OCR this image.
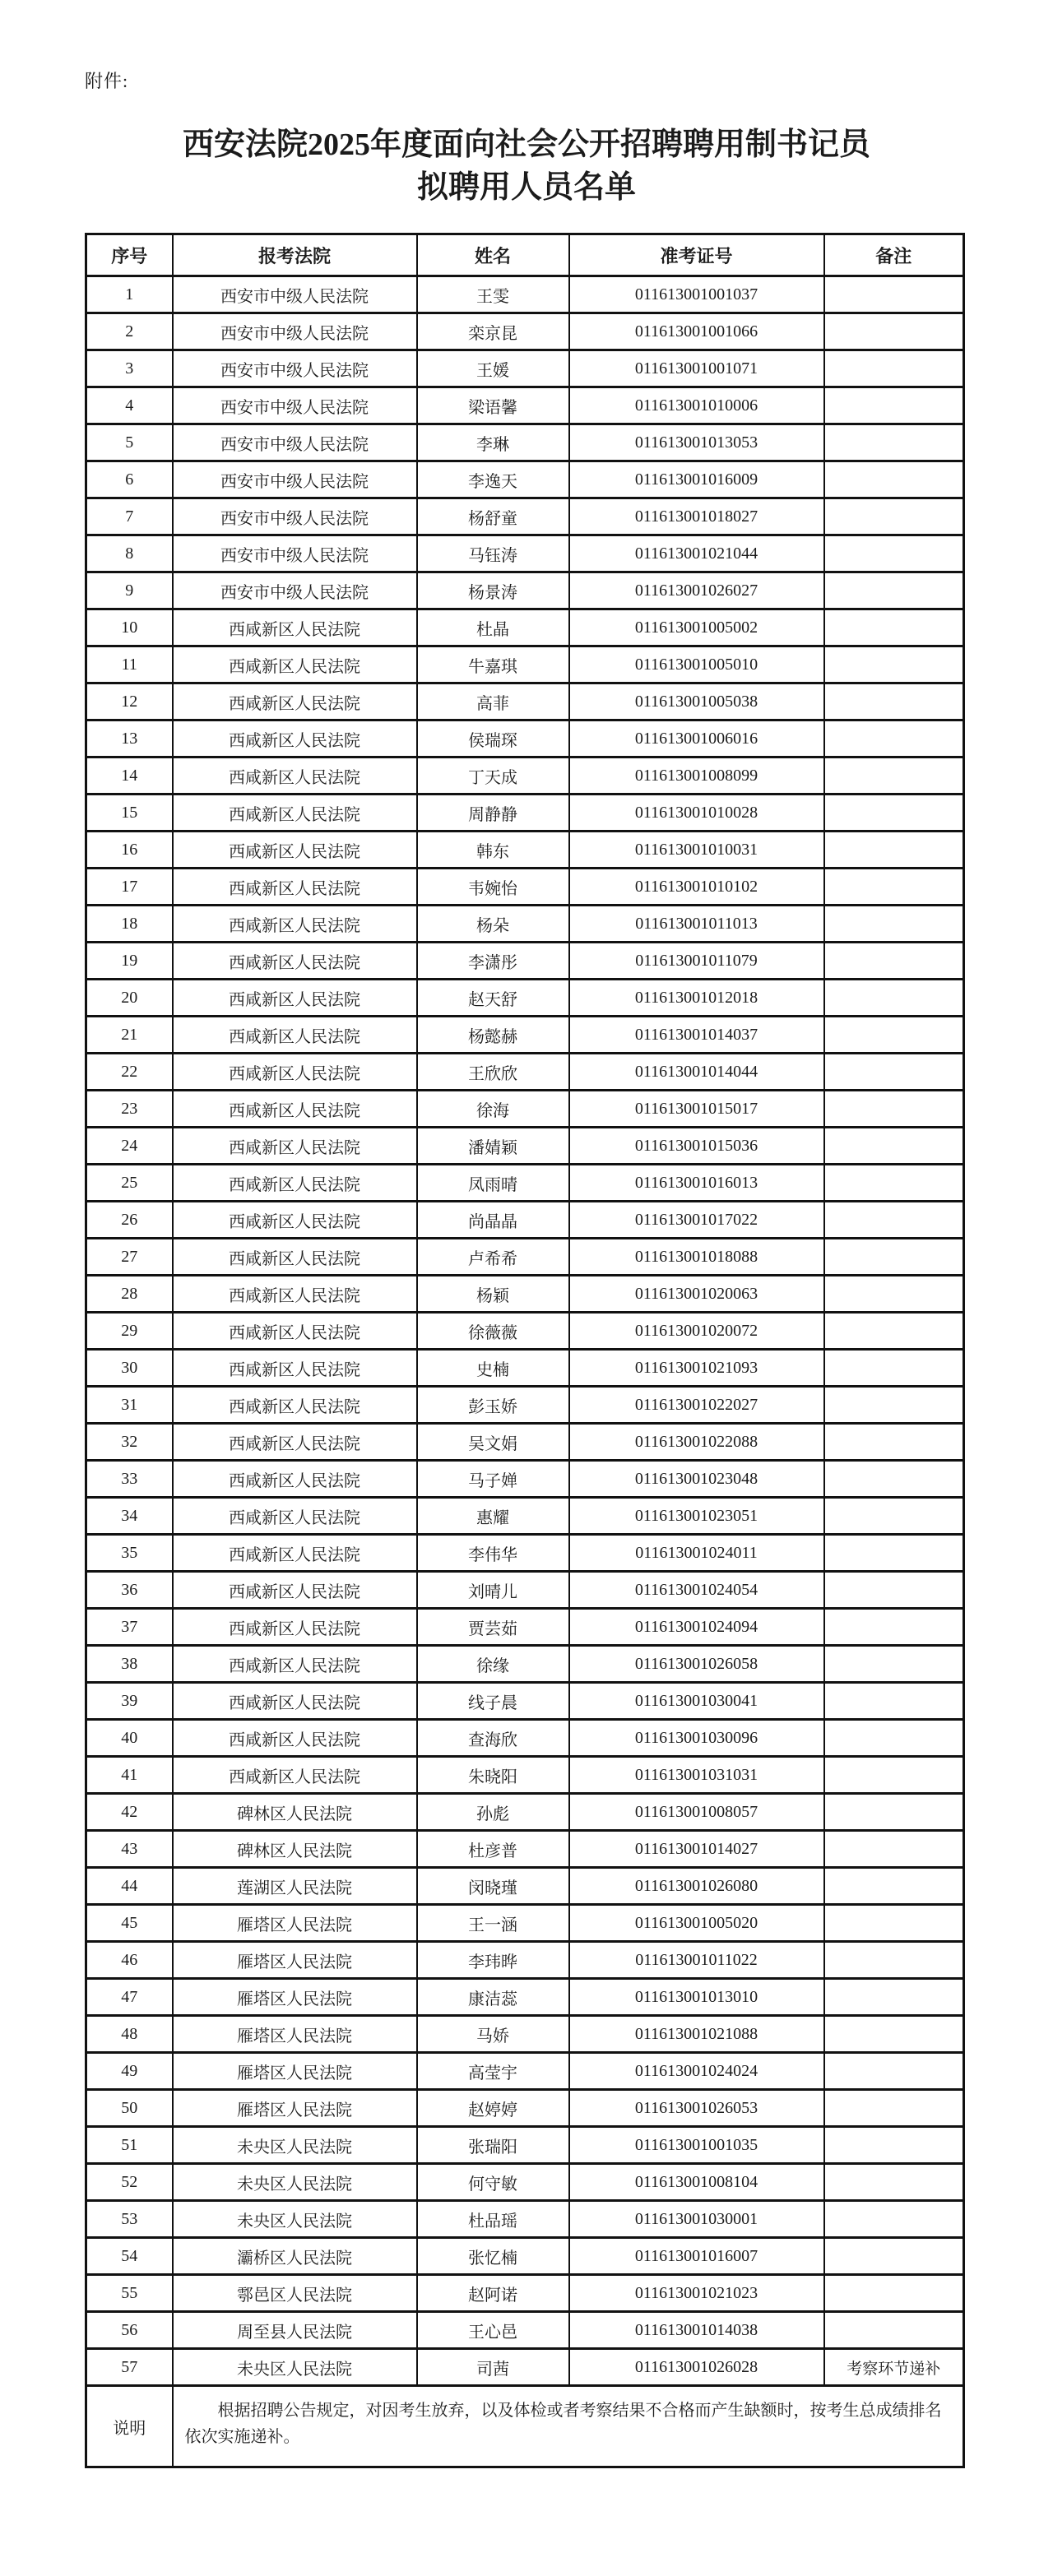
附件:
西安法院2025年度面向社会公开招聘聘用制书记员
拟聘用人员名单
序号	报考法院	姓名	准考证号	备注
1	西安市中级人民法院	王雯	011613001001037	
2	西安市中级人民法院	栾京昆	011613001001066	
3	西安市中级人民法院	王媛	011613001001071	
4	西安市中级人民法院	梁语馨	011613001010006	
5	西安市中级人民法院	李琳	011613001013053	
6	西安市中级人民法院	李逸天	011613001016009	
7	西安市中级人民法院	杨舒童	011613001018027	
8	西安市中级人民法院	马钰涛	011613001021044	
9	西安市中级人民法院	杨景涛	011613001026027	
10	西咸新区人民法院	杜晶	011613001005002	
11	西咸新区人民法院	牛嘉琪	011613001005010	
12	西咸新区人民法院	高菲	011613001005038	
13	西咸新区人民法院	侯瑞琛	011613001006016	
14	西咸新区人民法院	丁天成	011613001008099	
15	西咸新区人民法院	周静静	011613001010028	
16	西咸新区人民法院	韩东	011613001010031	
17	西咸新区人民法院	韦婉怡	011613001010102	
18	西咸新区人民法院	杨朵	011613001011013	
19	西咸新区人民法院	李潇彤	011613001011079	
20	西咸新区人民法院	赵天舒	011613001012018	
21	西咸新区人民法院	杨懿赫	011613001014037	
22	西咸新区人民法院	王欣欣	011613001014044	
23	西咸新区人民法院	徐海	011613001015017	
24	西咸新区人民法院	潘婧颖	011613001015036	
25	西咸新区人民法院	凤雨晴	011613001016013	
26	西咸新区人民法院	尚晶晶	011613001017022	
27	西咸新区人民法院	卢希希	011613001018088	
28	西咸新区人民法院	杨颖	011613001020063	
29	西咸新区人民法院	徐薇薇	011613001020072	
30	西咸新区人民法院	史楠	011613001021093	
31	西咸新区人民法院	彭玉娇	011613001022027	
32	西咸新区人民法院	吴文娟	011613001022088	
33	西咸新区人民法院	马子婵	011613001023048	
34	西咸新区人民法院	惠耀	011613001023051	
35	西咸新区人民法院	李伟华	011613001024011	
36	西咸新区人民法院	刘晴儿	011613001024054	
37	西咸新区人民法院	贾芸茹	011613001024094	
38	西咸新区人民法院	徐缘	011613001026058	
39	西咸新区人民法院	线子晨	011613001030041	
40	西咸新区人民法院	查海欣	011613001030096	
41	西咸新区人民法院	朱晓阳	011613001031031	
42	碑林区人民法院	孙彪	011613001008057	
43	碑林区人民法院	杜彦普	011613001014027	
44	莲湖区人民法院	闵晓瑾	011613001026080	
45	雁塔区人民法院	王一涵	011613001005020	
46	雁塔区人民法院	李玮晔	011613001011022	
47	雁塔区人民法院	康洁蕊	011613001013010	
48	雁塔区人民法院	马娇	011613001021088	
49	雁塔区人民法院	高莹宇	011613001024024	
50	雁塔区人民法院	赵婷婷	011613001026053	
51	未央区人民法院	张瑞阳	011613001001035	
52	未央区人民法院	何守敏	011613001008104	
53	未央区人民法院	杜品瑶	011613001030001	
54	灞桥区人民法院	张忆楠	011613001016007	
55	鄠邑区人民法院	赵阿诺	011613001021023	
56	周至县人民法院	王心邑	011613001014038	
57	未央区人民法院	司茜	011613001026028	考察环节递补
说明	根据招聘公告规定，对因考生放弃，以及体检或者考察结果不合格而产生缺额时，按考生总成绩排名依次实施递补。			
